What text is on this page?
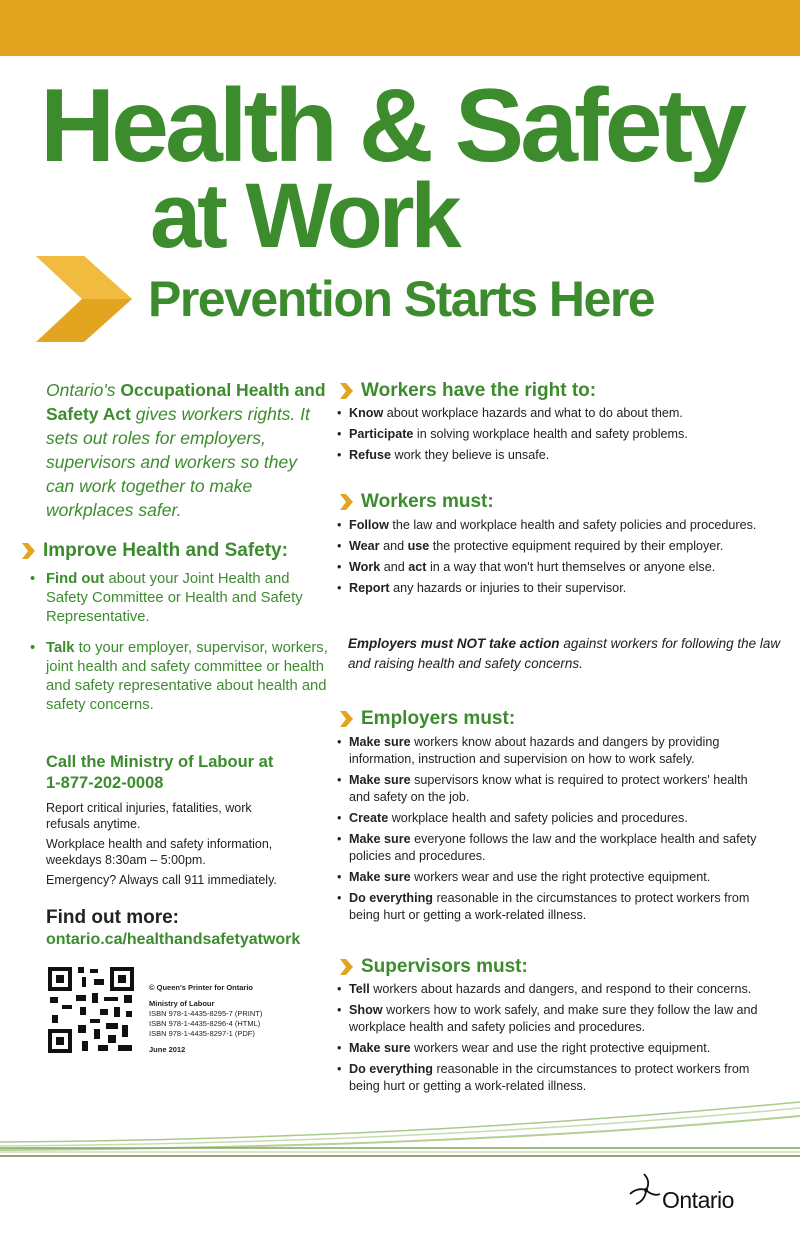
Health & Safety
at Work
Prevention Starts Here
Ontario's Occupational Health and Safety Act gives workers rights. It sets out roles for employers, supervisors and workers so they can work together to make workplaces safer.
Improve Health and Safety:
• Find out about your Joint Health and Safety Committee or Health and Safety Representative.
• Talk to your employer, supervisor, workers, joint health and safety committee or health and safety representative about health and safety concerns.
Call the Ministry of Labour at
1-877-202-0008
Report critical injuries, fatalities, work refusals anytime.
Workplace health and safety information, weekdays 8:30am – 5:00pm.
Emergency? Always call 911 immediately.
Find out more:
ontario.ca/healthandsafetyatwork
© Queen's Printer for Ontario
Ministry of Labour
ISBN 978-1-4435-8295-7 (PRINT)
ISBN 978-1-4435-8296-4 (HTML)
ISBN 978-1-4435-8297-1 (PDF)
June 2012
Workers have the right to:
• Know about workplace hazards and what to do about them.
• Participate in solving workplace health and safety problems.
• Refuse work they believe is unsafe.
Workers must:
• Follow the law and workplace health and safety policies and procedures.
• Wear and use the protective equipment required by their employer.
• Work and act in a way that won't hurt themselves or anyone else.
• Report any hazards or injuries to their supervisor.
Employers must NOT take action against workers for following the law and raising health and safety concerns.
Employers must:
• Make sure workers know about hazards and dangers by providing information, instruction and supervision on how to work safely.
• Make sure supervisors know what is required to protect workers' health and safety on the job.
• Create workplace health and safety policies and procedures.
• Make sure everyone follows the law and the workplace health and safety policies and procedures.
• Make sure workers wear and use the right protective equipment.
• Do everything reasonable in the circumstances to protect workers from being hurt or getting a work-related illness.
Supervisors must:
• Tell workers about hazards and dangers, and respond to their concerns.
• Show workers how to work safely, and make sure they follow the law and workplace health and safety policies and procedures.
• Make sure workers wear and use the right protective equipment.
• Do everything reasonable in the circumstances to protect workers from being hurt or getting a work-related illness.
Ontario
